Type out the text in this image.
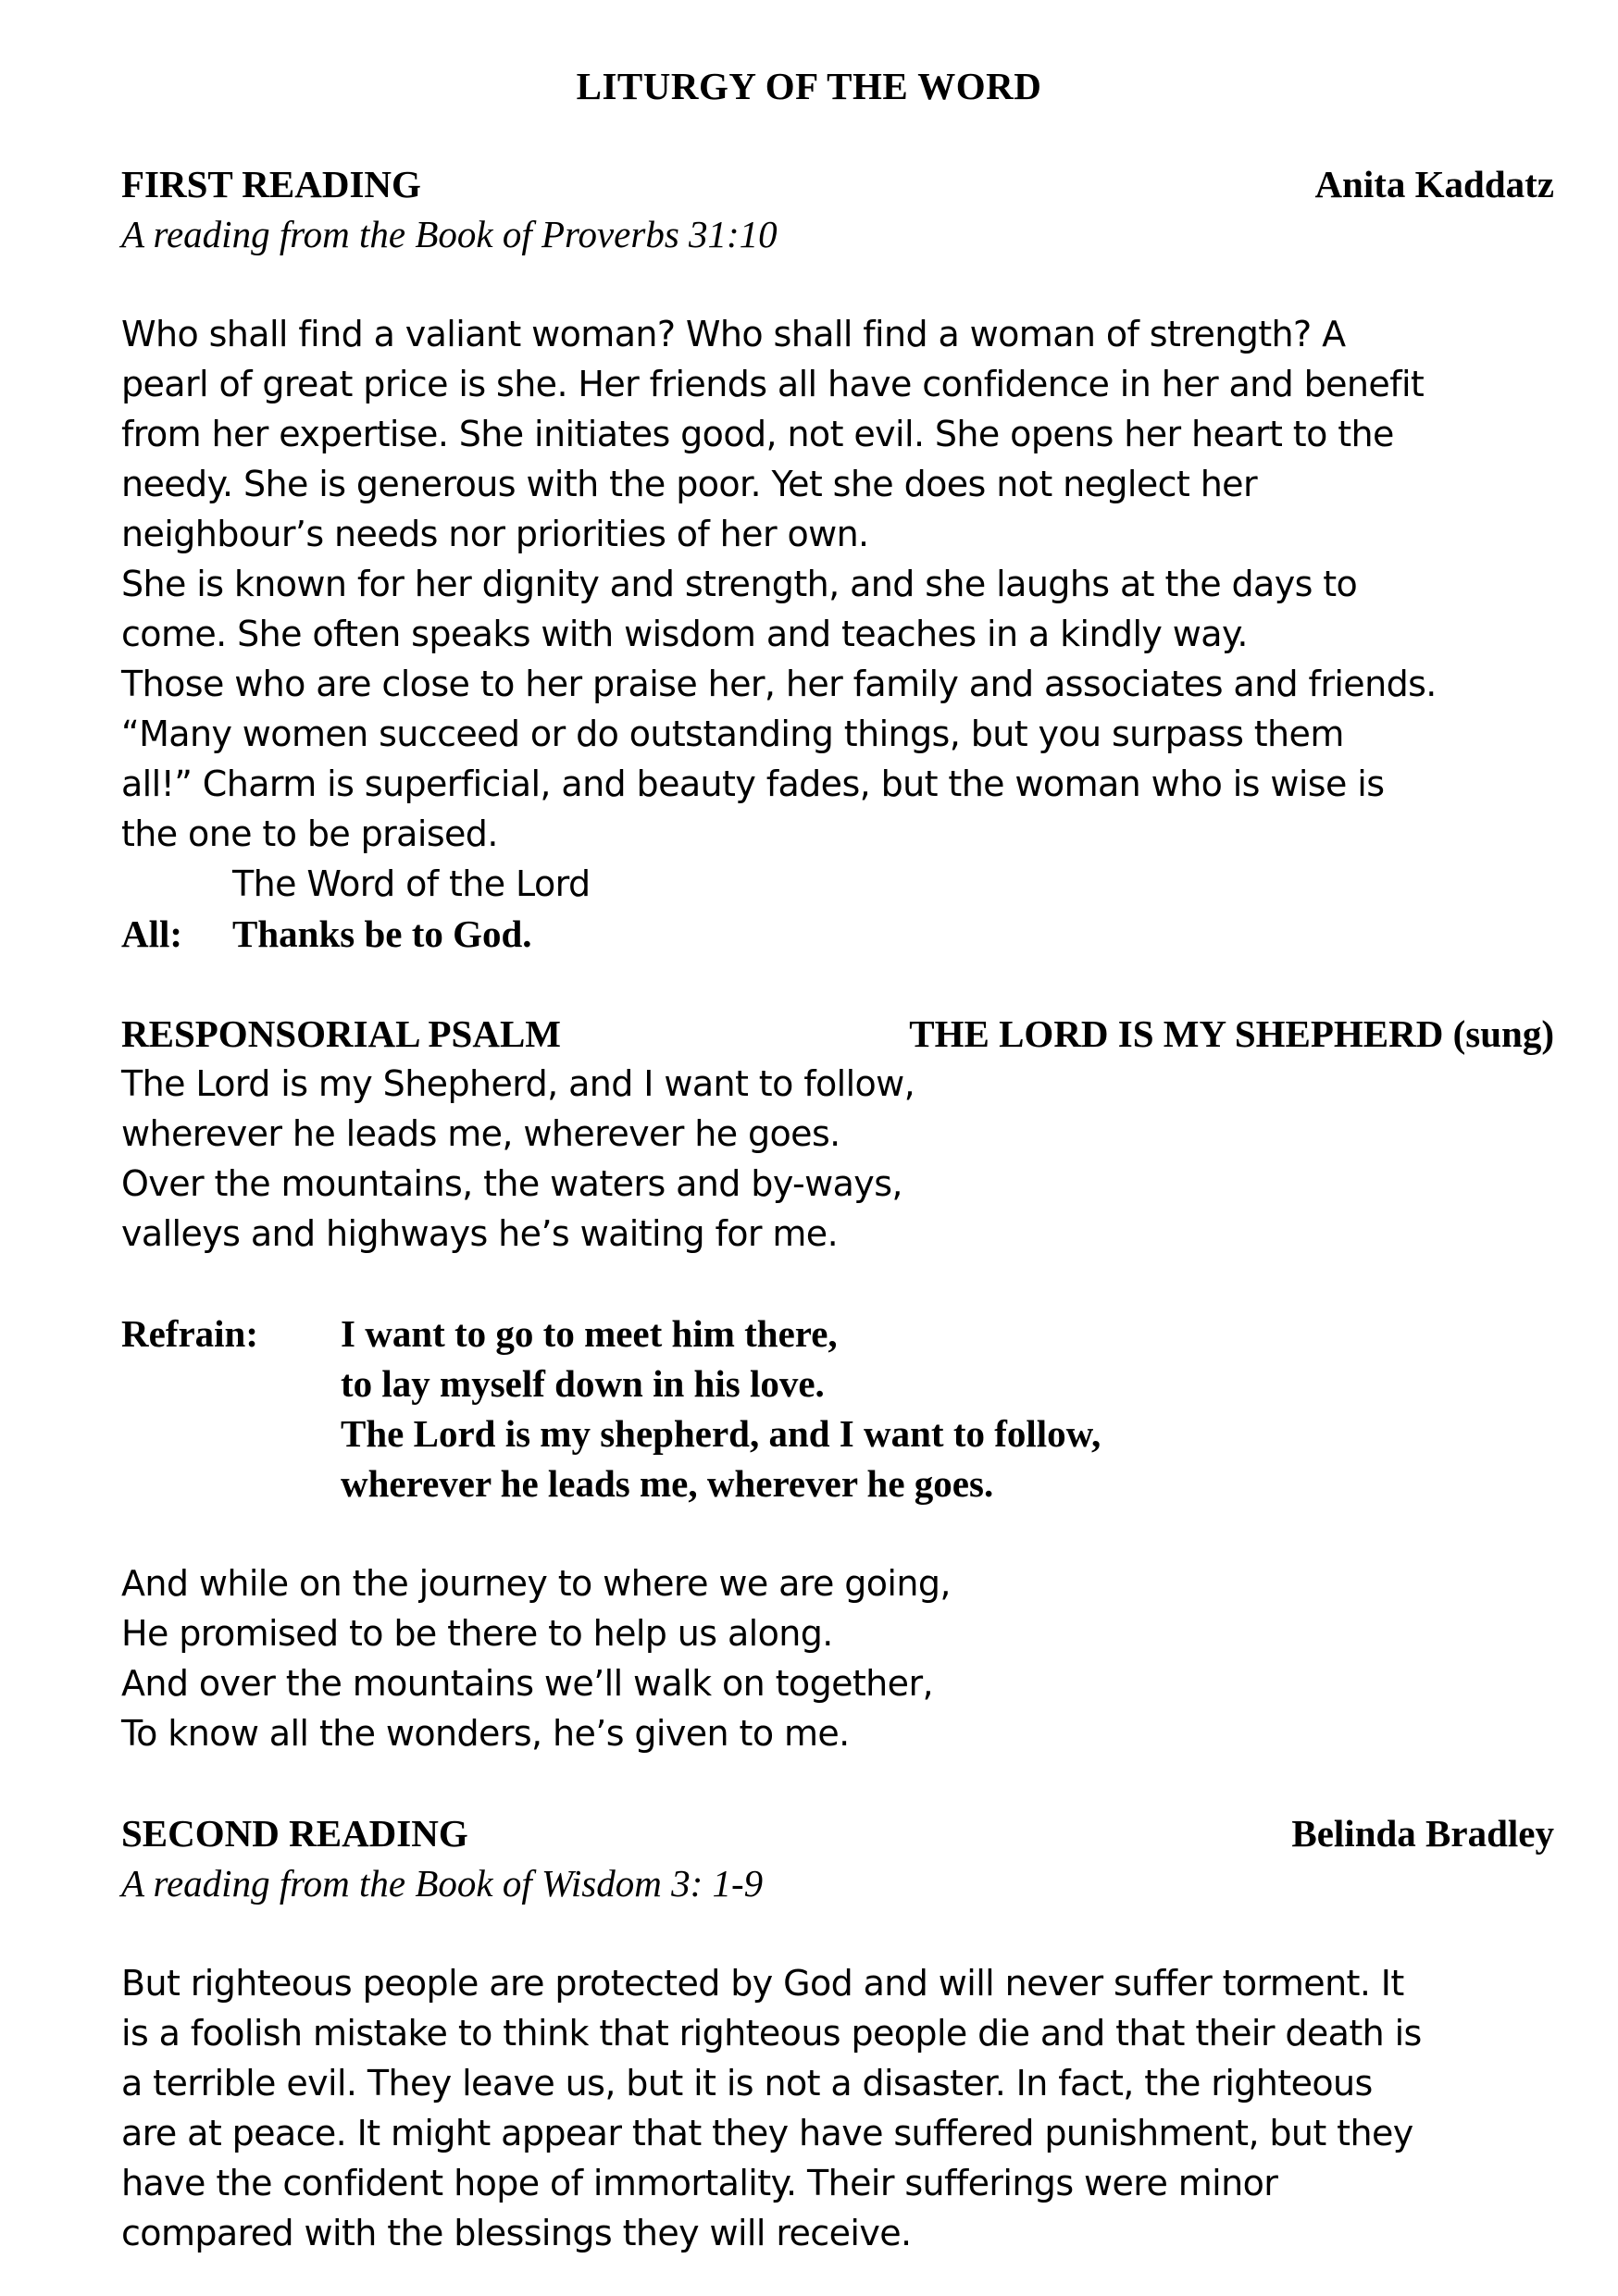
LITURGY OF THE WORD
FIRST READING	Anita Kaddatz
A reading from the Book of Proverbs 31:10
Who shall find a valiant woman? Who shall find a woman of strength? A
pearl of great price is she. Her friends all have confidence in her and benefit
from her expertise. She initiates good, not evil. She opens her heart to the
needy. She is generous with the poor. Yet she does not neglect her
neighbour’s needs nor priorities of her own.
She is known for her dignity and strength, and she laughs at the days to
come. She often speaks with wisdom and teaches in a kindly way.
Those who are close to her praise her, her family and associates and friends.
“Many women succeed or do outstanding things, but you surpass them
all!” Charm is superficial, and beauty fades, but the woman who is wise is
the one to be praised.
The Word of the Lord
All: Thanks be to God.
RESPONSORIAL PSALM	THE LORD IS MY SHEPHERD (sung)
The Lord is my Shepherd, and I want to follow,
wherever he leads me, wherever he goes.
Over the mountains, the waters and by-ways,
valleys and highways he’s waiting for me.
Refrain:	I want to go to meet him there,
to lay myself down in his love.
The Lord is my shepherd, and I want to follow,
wherever he leads me, wherever he goes.
And while on the journey to where we are going,
He promised to be there to help us along.
And over the mountains we’ll walk on together,
To know all the wonders, he’s given to me.
SECOND READING	Belinda Bradley
A reading from the Book of Wisdom 3: 1-9
But righteous people are protected by God and will never suffer torment. It
is a foolish mistake to think that righteous people die and that their death is
a terrible evil. They leave us, but it is not a disaster. In fact, the righteous
are at peace. It might appear that they have suffered punishment, but they
have the confident hope of immortality. Their sufferings were minor
compared with the blessings they will receive.
